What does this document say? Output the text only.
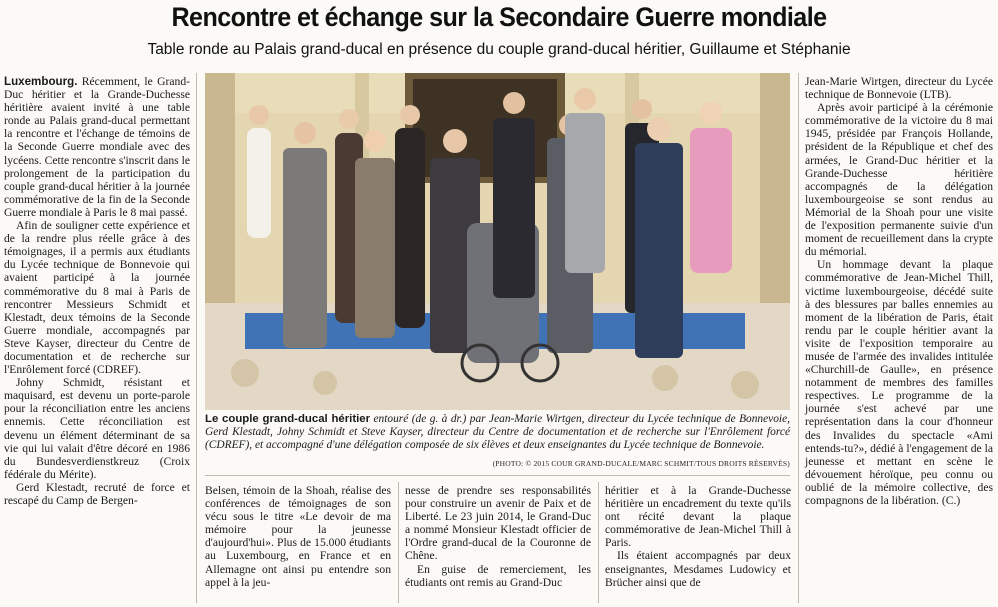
Rencontre et échange sur la Secondaire Guerre mondiale
Table ronde au Palais grand-ducal en présence du couple grand-ducal héritier, Guillaume et Stéphanie

Luxembourg. Récemment, le Grand-Duc héritier et la Grande-Duchesse héritière avaient invité à une table ronde au Palais grand-ducal permettant la rencontre et l'échange de témoins de la Seconde Guerre mondiale avec des lycéens. Cette rencontre s'inscrit dans le prolongement de la participation du couple grand-ducal héritier à la journée commémorative de la fin de la Seconde Guerre mondiale à Paris le 8 mai passé.

Afin de souligner cette expérience et de la rendre plus réelle grâce à des témoignages, il a permis aux étudiants du Lycée technique de Bonnevoie qui avaient participé à la journée commémorative du 8 mai à Paris de rencontrer Messieurs Schmidt et Klestadt, deux témoins de la Seconde Guerre mondiale, accompagnés par Steve Kayser, directeur du Centre de documentation et de recherche sur l'Enrôlement forcé (CDREF).

Johny Schmidt, résistant et maquisard, est devenu un porte-parole pour la réconciliation entre les anciens ennemis. Cette réconciliation est devenu un élément déterminant de sa vie qui lui valait d'être décoré en 1986 du Bundesverdienstkreuz (Croix fédérale du Mérite).

Gerd Klestadt, recruté de force et rescapé du Camp de Bergen-

Le couple grand-ducal héritier entouré (de g. à dr.) par Jean-Marie Wirtgen, directeur du Lycée technique de Bonnevoie, Gerd Klestadt, Johny Schmidt et Steve Kayser, directeur du Centre de documentation et de recherche sur l'Enrôlement forcé (CDREF), et accompagné d'une délégation composée de six élèves et deux enseignantes du Lycée technique de Bonnevoie.
(PHOTO: © 2015 COUR GRAND-DUCALE/MARC SCHMIT/TOUS DROITS RÉSERVÉS)

Belsen, témoin de la Shoah, réalise des conférences de témoignages de son vécu sous le titre «Le devoir de ma mémoire pour la jeunesse d'aujourd'hui». Plus de 15.000 étudiants au Luxembourg, en France et en Allemagne ont ainsi pu entendre son appel à la jeu-

nesse de prendre ses responsabilités pour construire un avenir de Paix et de Liberté. Le 23 juin 2014, le Grand-Duc a nommé Monsieur Klestadt officier de l'Ordre grand-ducal de la Couronne de Chêne.

En guise de remerciement, les étudiants ont remis au Grand-Duc

héritier et à la Grande-Duchesse héritière un encadrement du texte qu'ils ont récité devant la plaque commémorative de Jean-Michel Thill à Paris.

Ils étaient accompagnés par deux enseignantes, Mesdames Ludowicy et Brücher ainsi que de

Jean-Marie Wirtgen, directeur du Lycée technique de Bonnevoie (LTB).

Après avoir participé à la cérémonie commémorative de la victoire du 8 mai 1945, présidée par François Hollande, président de la République et chef des armées, le Grand-Duc héritier et la Grande-Duchesse héritière accompagnés de la délégation luxembourgeoise se sont rendus au Mémorial de la Shoah pour une visite de l'exposition permanente suivie d'un moment de recueillement dans la crypte du mémorial.

Un hommage devant la plaque commémorative de Jean-Michel Thill, victime luxembourgeoise, décédé suite à des blessures par balles ennemies au moment de la libération de Paris, était rendu par le couple héritier avant la visite de l'exposition temporaire au musée de l'armée des invalides intitulée «Churchill-de Gaulle», en présence notamment de membres des familles respectives. Le programme de la journée s'est achevé par une représentation dans la cour d'honneur des Invalides du spectacle «Ami entends-tu?», dédié à l'engagement de la jeunesse et mettant en scène le dévouement héroïque, peu connu ou oublié de la mémoire collective, des compagnons de la libération. (C.)
